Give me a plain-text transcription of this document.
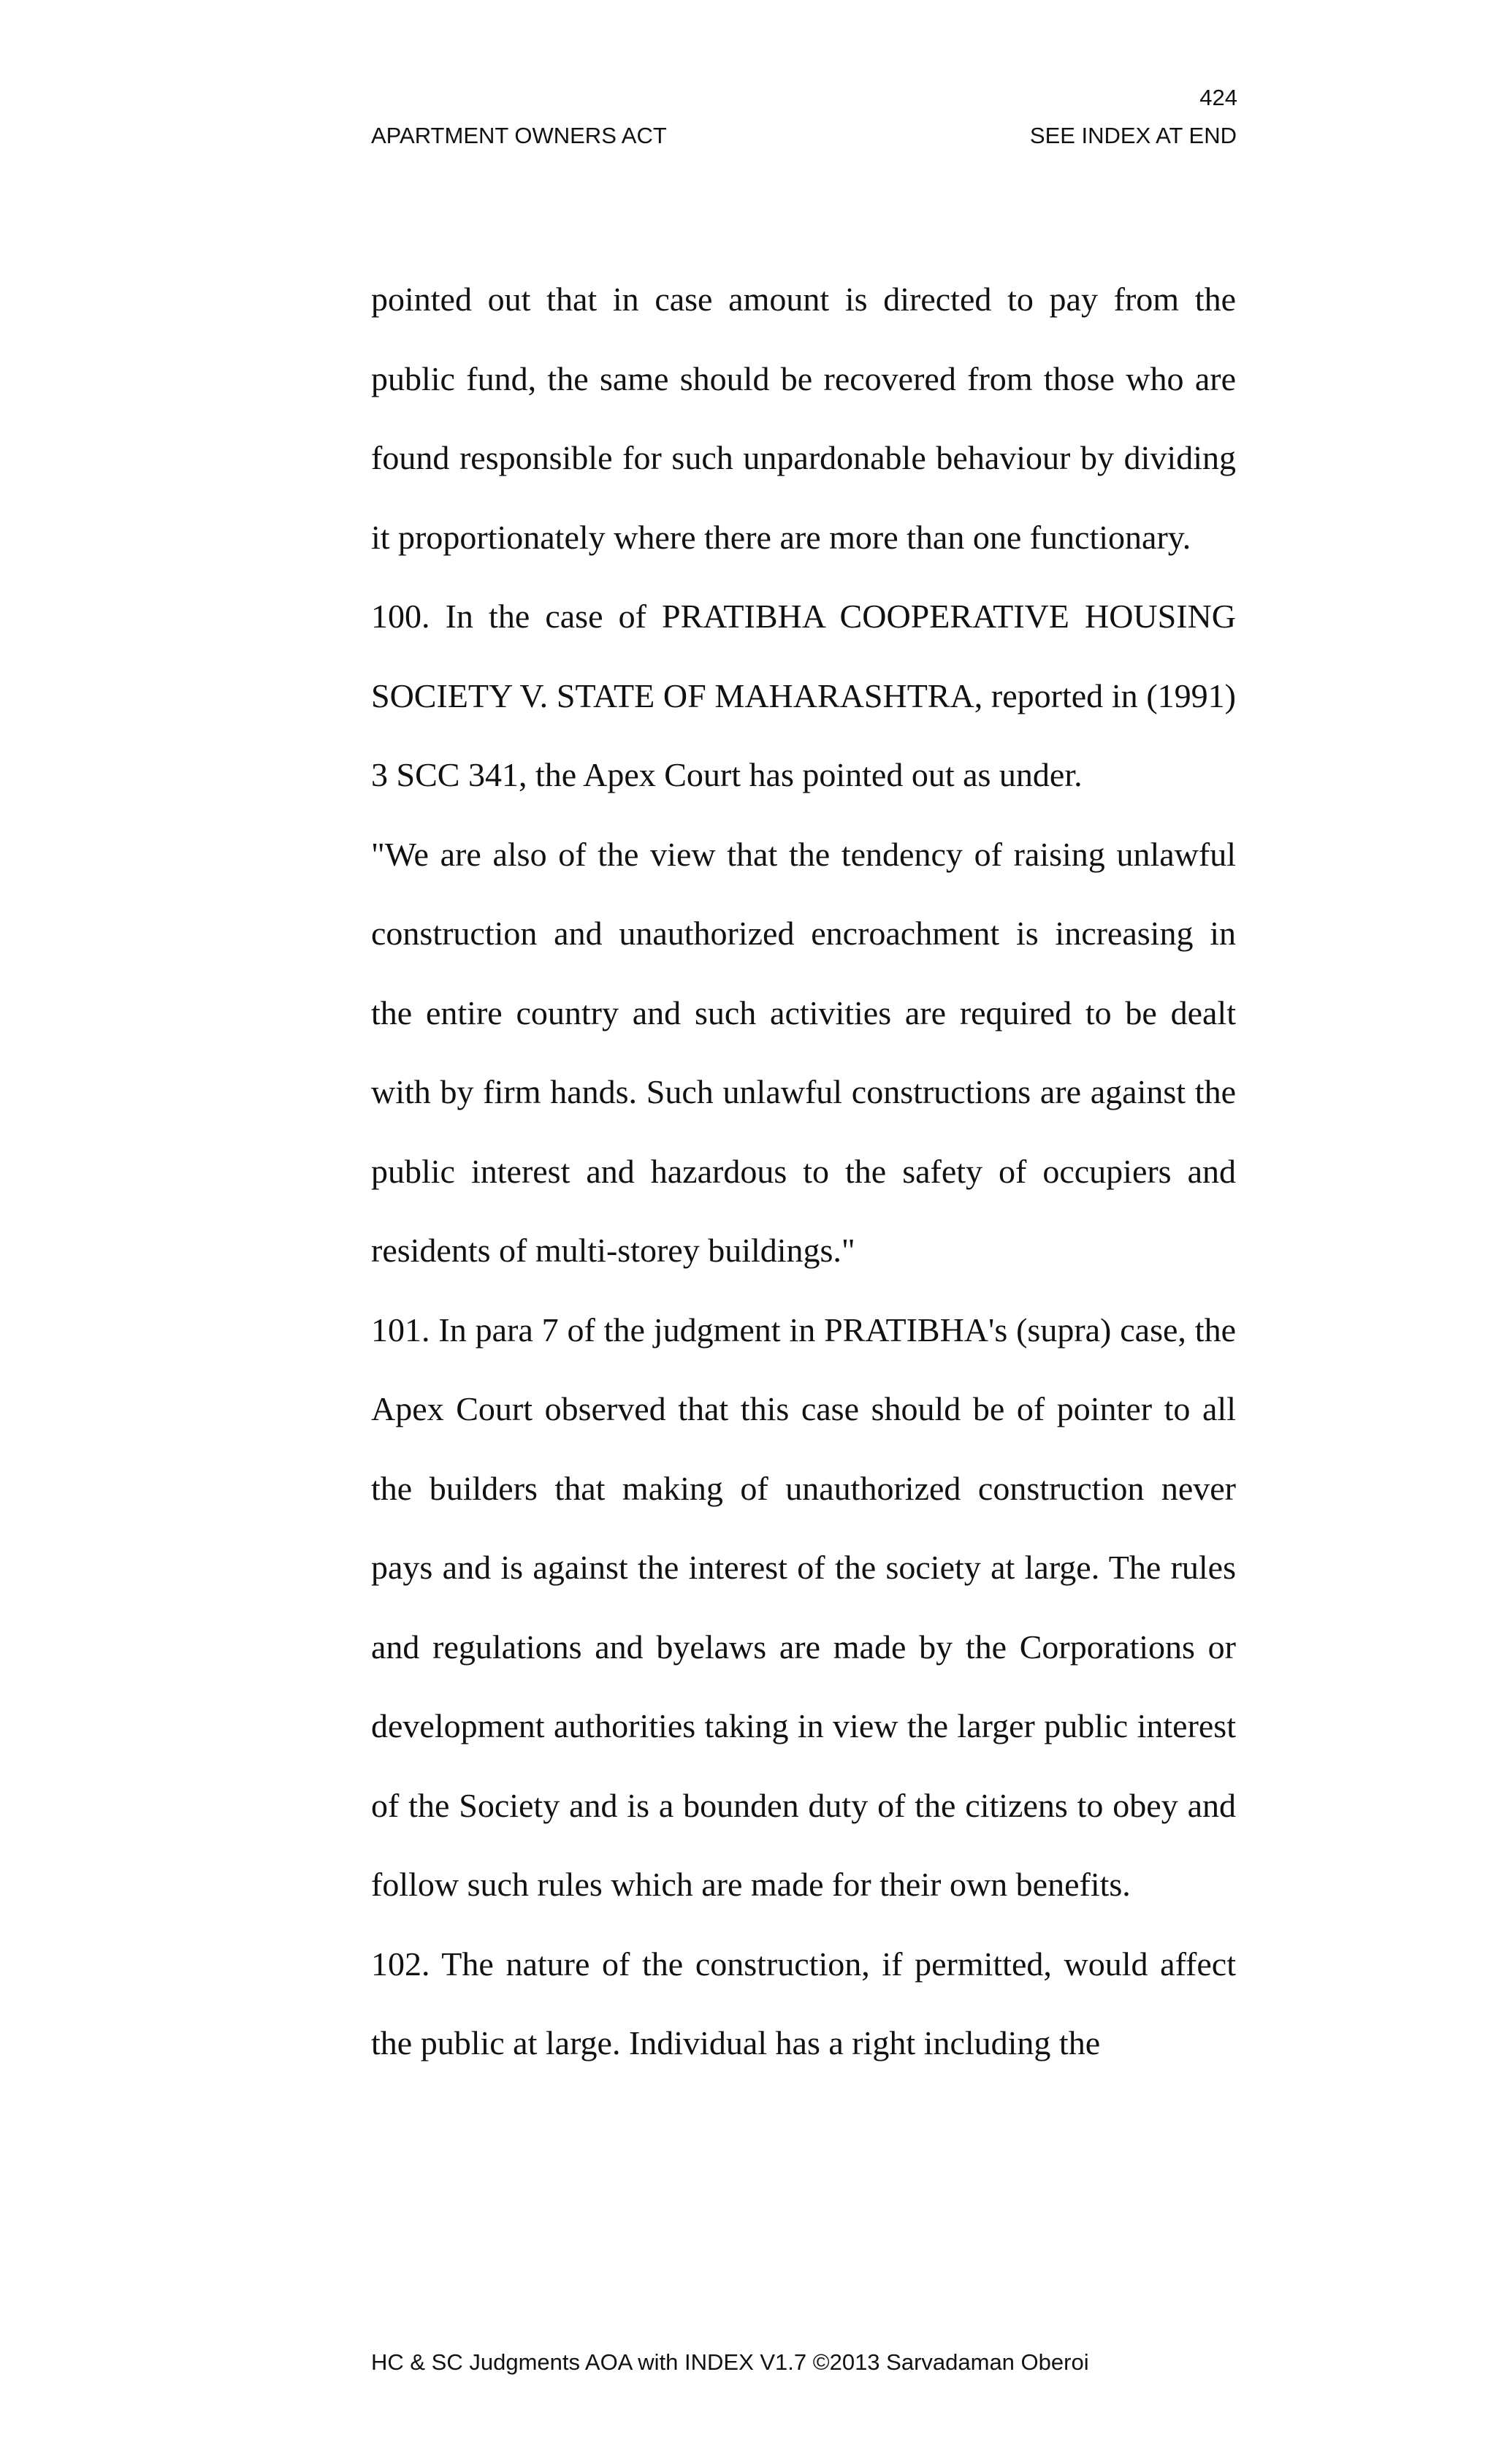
424
APARTMENT OWNERS ACT	SEE INDEX AT END

pointed out that in case amount is directed to pay from the public fund, the same should be recovered from those who are found responsible for such unpardonable behaviour by dividing it proportionately where there are more than one functionary.

100. In the case of PRATIBHA COOPERATIVE HOUSING SOCIETY V. STATE OF MAHARASHTRA, reported in (1991) 3 SCC 341, the Apex Court has pointed out as under.

"We are also of the view that the tendency of raising unlawful construction and unauthorized encroachment is increasing in the entire country and such activities are required to be dealt with by firm hands. Such unlawful constructions are against the public interest and hazardous to the safety of occupiers and residents of multi-storey buildings."

101. In para 7 of the judgment in PRATIBHA's (supra) case, the Apex Court observed that this case should be of pointer to all the builders that making of unauthorized construction never pays and is against the interest of the society at large. The rules and regulations and byelaws are made by the Corporations or development authorities taking in view the larger public interest of the Society and is a bounden duty of the citizens to obey and follow such rules which are made for their own benefits.

102. The nature of the construction, if permitted, would affect the public at large. Individual has a right including the

HC & SC Judgments AOA with INDEX V1.7 ©2013 Sarvadaman Oberoi
